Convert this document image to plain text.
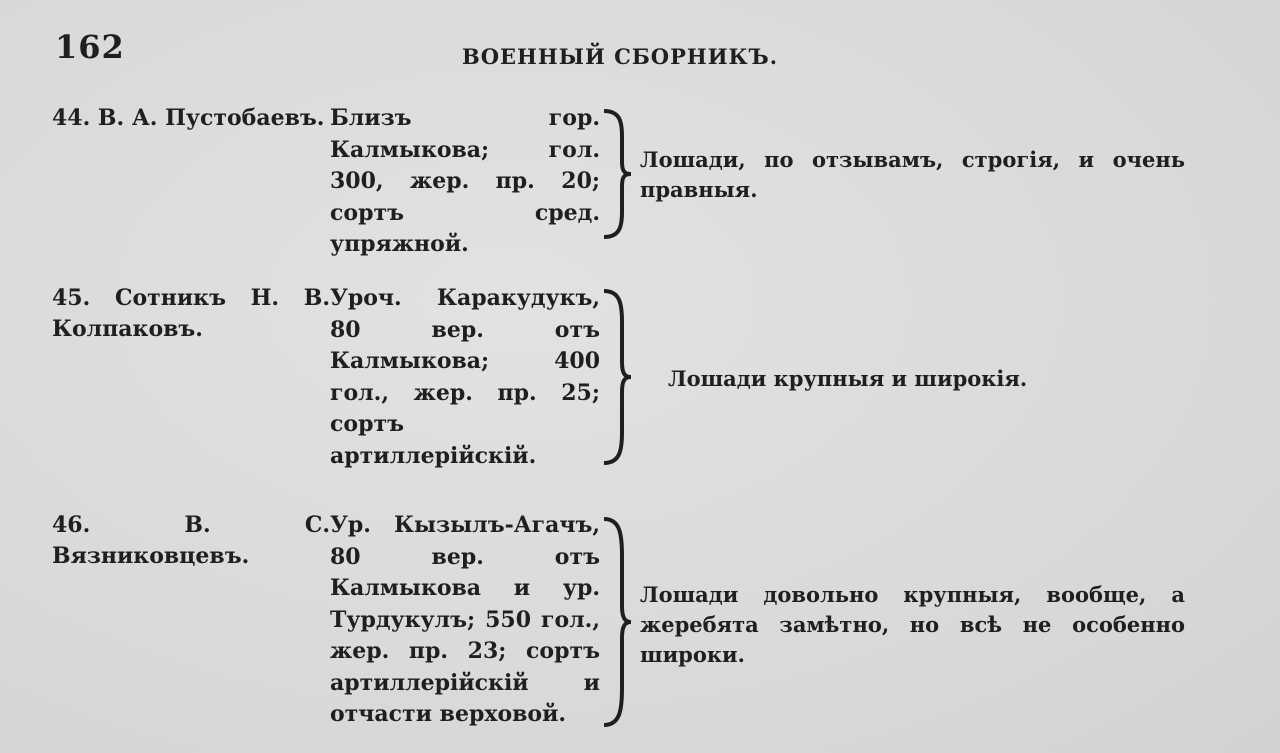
162	ВОЕННЫЙ СБОРНИКЪ.
44. В. А. Пустобаевъ. Близъ гор. Калмыкова; гол. 300, жер. пр. 20; сортъ сред. упряжной.
Лошади, по отзывамъ, строгія, и очень правныя.
45. Сотникъ Н. В. Колпаковъ.
Уроч. Каракудукъ, 80 вер. отъ Калмыкова; 400 гол., жер. пр. 25; сортъ артиллерійскій.
Лошади крупныя и широкія.
46. В. С. Вязниковцевъ.
Ур. Кызылъ-Агачъ, 80 вер. отъ Калмыкова и ур. Турдукулъ; 550 гол., жер. пр. 23; сортъ артиллерійскій и отчасти верховой.
Лошади довольно крупныя, вообще, а жеребята замѣтно, но всѣ не особенно широки.
